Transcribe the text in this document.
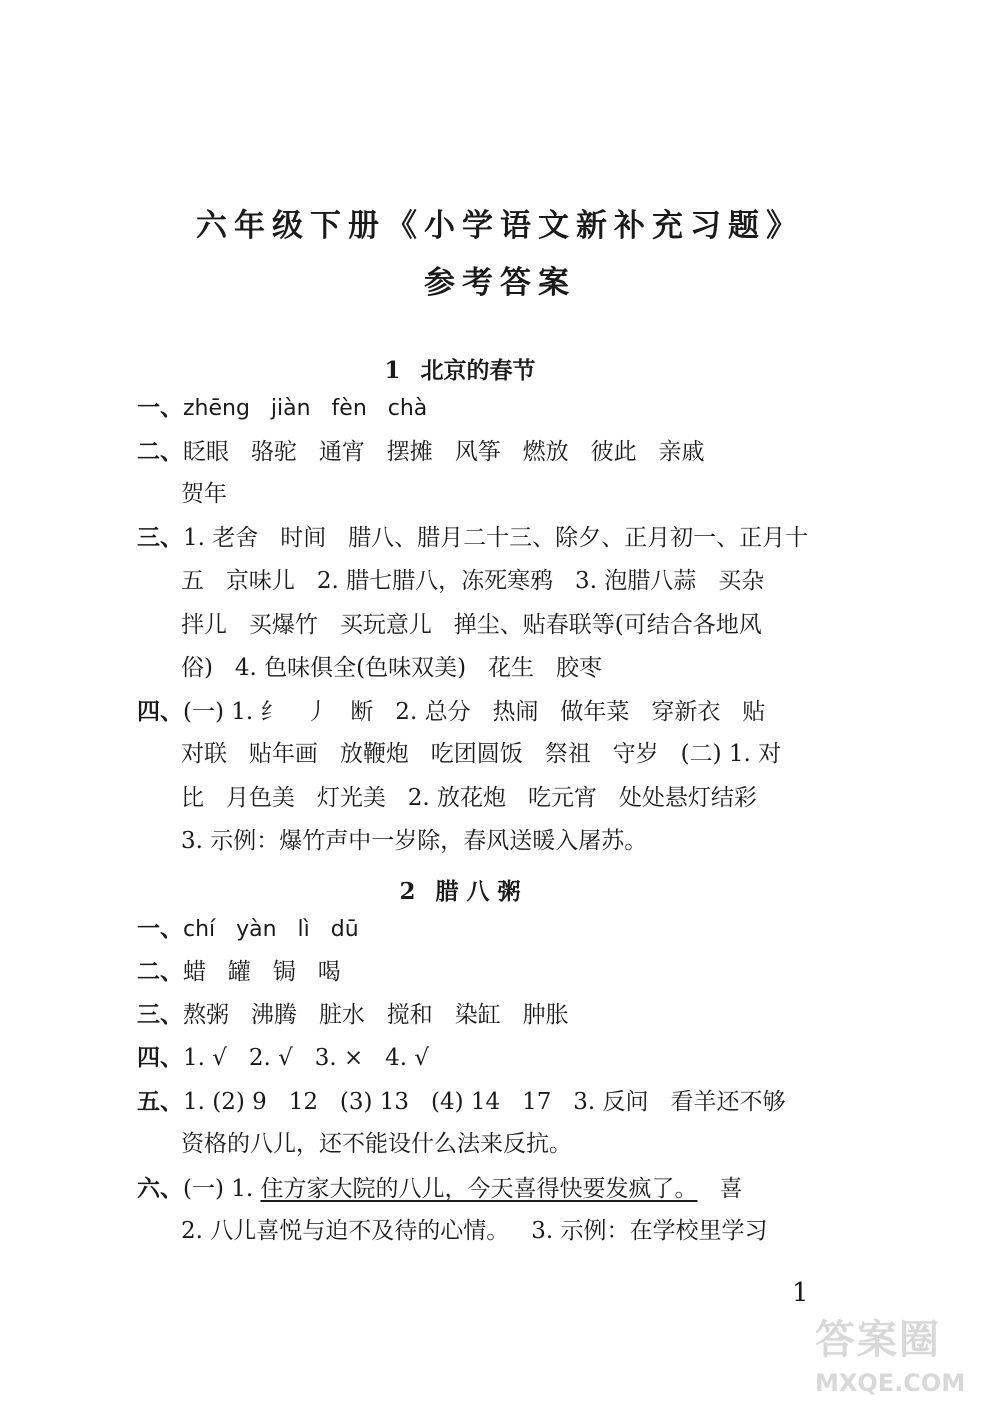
六年级下册《小学语文新补充习题》
参考答案
1 北京的春节
一、zhēng   jiàn   fèn   chà
二、眨眼   骆驼   通宵   摆摊   风筝   燃放   彼此   亲戚
贺年
三、1. 老舍   时间   腊八、腊月二十三、除夕、正月初一、正月十
五   京味儿   2. 腊七腊八，冻死寒鸦   3. 泡腊八蒜   买杂
拌儿   买爆竹   买玩意儿   掸尘、贴春联等(可结合各地风
俗)   4. 色味俱全(色味双美)   花生   胶枣
四、(一) 1. 纟   丿   断   2. 总分   热闹   做年菜   穿新衣   贴
对联   贴年画   放鞭炮   吃团圆饭   祭祖   守岁   (二) 1. 对
比   月色美   灯光美   2. 放花炮   吃元宵   处处悬灯结彩
3. 示例：爆竹声中一岁除，春风送暖入屠苏。
2 腊 八 粥
一、chí   yàn   lì   dū
二、蜡   罐   锔   喝
三、熬粥   沸腾   脏水   搅和   染缸   肿胀
四、1. √   2. √   3. ×   4. √
五、1. (2) 9   12   (3) 13   (4) 14   17   3. 反问   看羊还不够
资格的八儿，还不能设什么法来反抗。
六、(一) 1. 住方家大院的八儿，今天喜得快要发疯了。   喜
2. 八儿喜悦与迫不及待的心情。   3. 示例：在学校里学习
1
答案圈
MXQE.COM
